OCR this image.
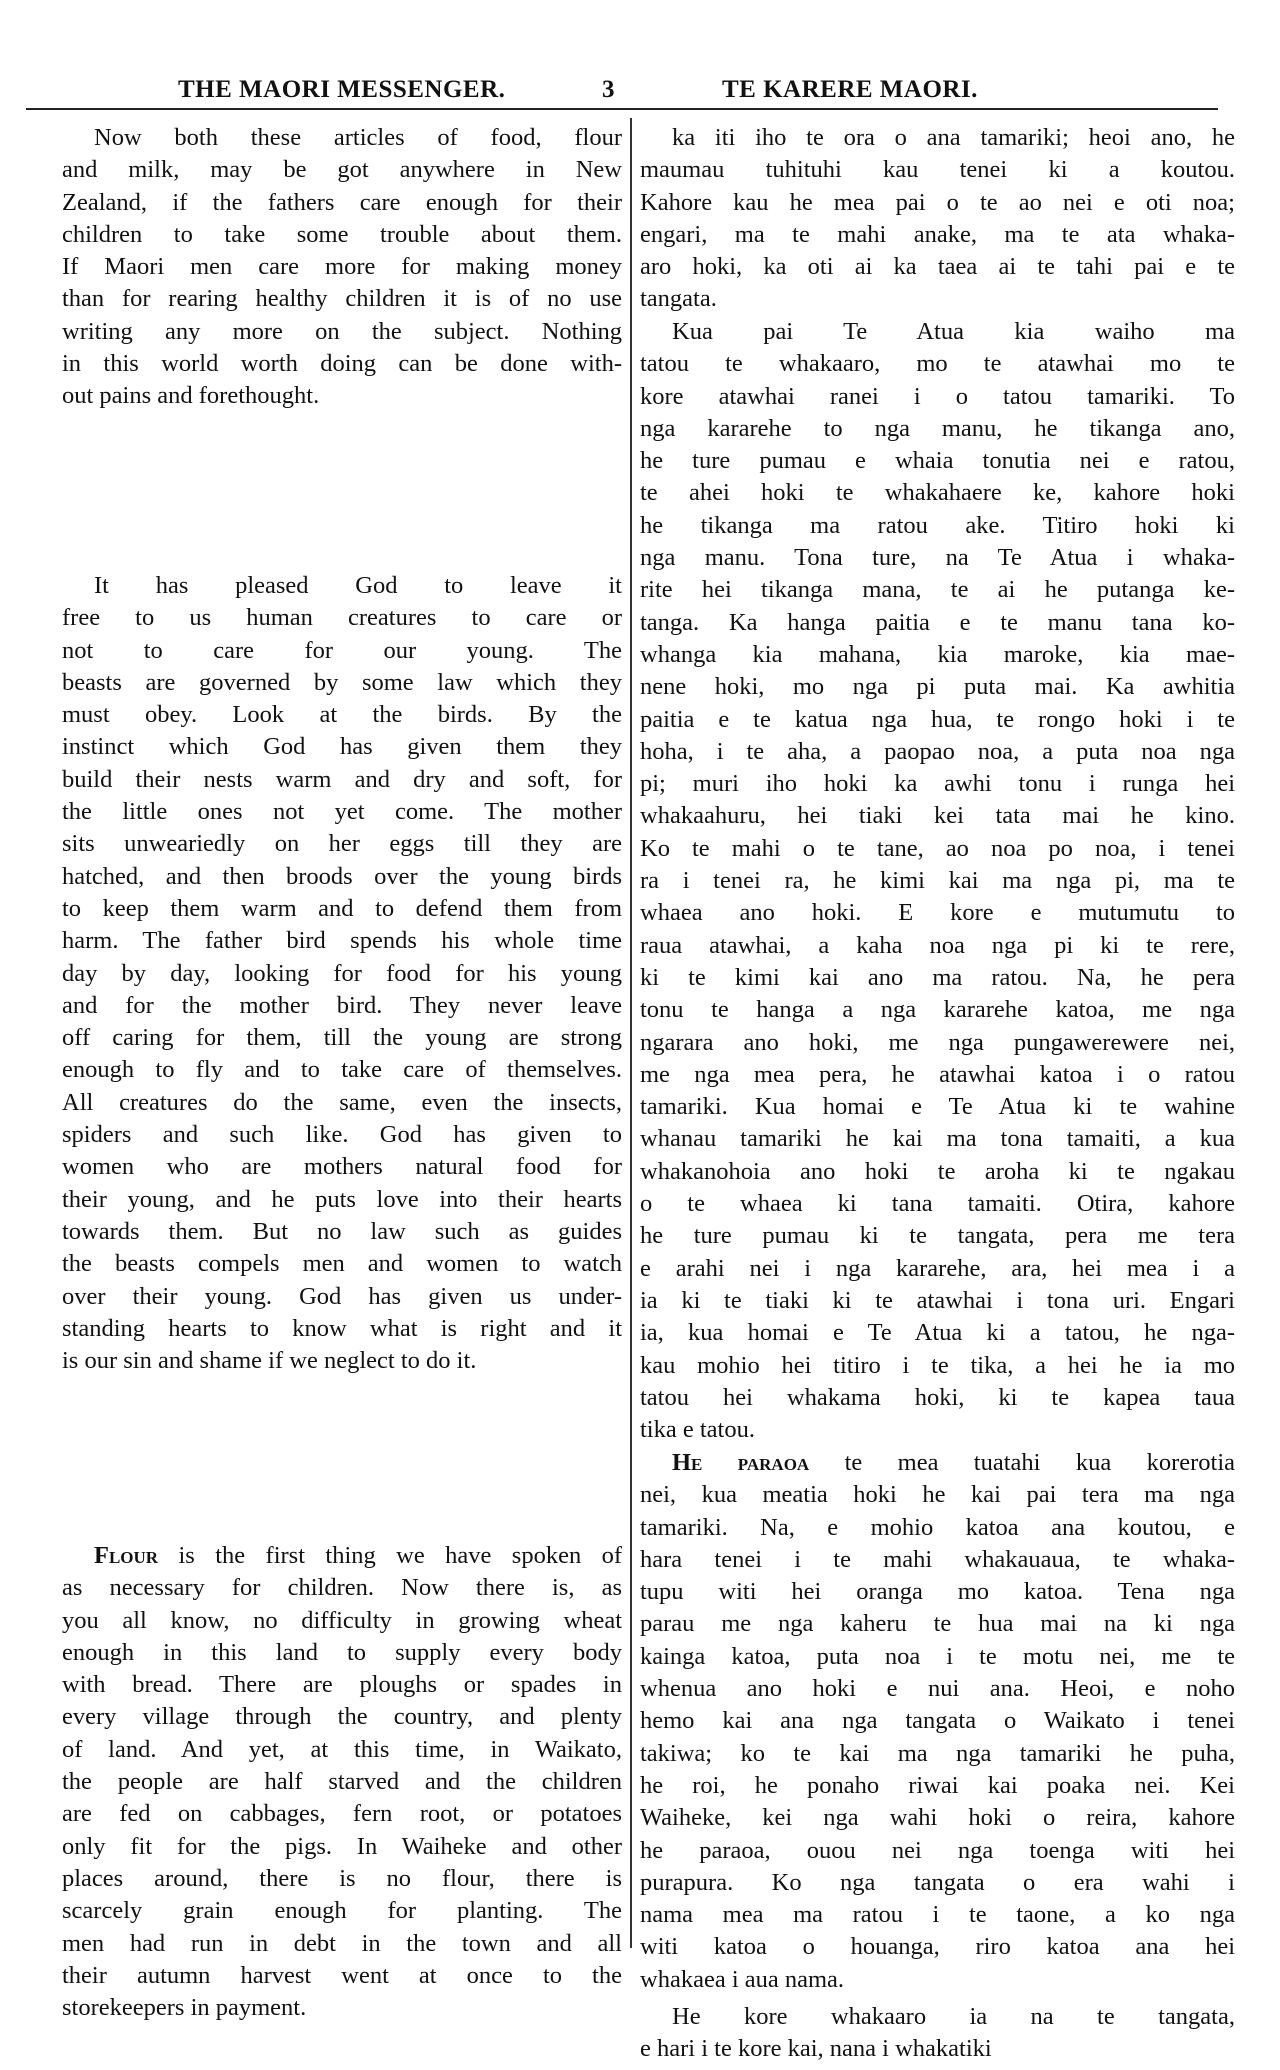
THE MAORI MESSENGER.	3	TE KARERE MAORI.
Now both these articles of food, flour
and milk, may be got anywhere in New
Zealand, if the fathers care enough for their
children to take some trouble about them.
If Maori men care more for making money
than for rearing healthy children it is of no use
writing any more on the subject. Nothing
in this world worth doing can be done with-
out pains and forethought.
It has pleased God to leave it
free to us human creatures to care or
not to care for our young. The
beasts are governed by some law which they
must obey. Look at the birds. By the
instinct which God has given them they
build their nests warm and dry and soft, for
the little ones not yet come. The mother
sits unweariedly on her eggs till they are
hatched, and then broods over the young birds
to keep them warm and to defend them from
harm. The father bird spends his whole time
day by day, looking for food for his young
and for the mother bird. They never leave
off caring for them, till the young are strong
enough to fly and to take care of themselves.
All creatures do the same, even the insects,
spiders and such like. God has given to
women who are mothers natural food for
their young, and he puts love into their hearts
towards them. But no law such as guides
the beasts compels men and women to watch
over their young. God has given us under-
standing hearts to know what is right and it
is our sin and shame if we neglect to do it.
Flour is the first thing we have spoken of
as necessary for children. Now there is, as
you all know, no difficulty in growing wheat
enough in this land to supply every body
with bread. There are ploughs or spades in
every village through the country, and plenty
of land. And yet, at this time, in Waikato,
the people are half starved and the children
are fed on cabbages, fern root, or potatoes
only fit for the pigs. In Waiheke and other
places around, there is no flour, there is
scarcely grain enough for planting. The
men had run in debt in the town and all
their autumn harvest went at once to the
storekeepers in payment.
ka iti iho te ora o ana tamariki; heoi ano, he
maumau tuhituhi kau tenei ki a koutou.
Kahore kau he mea pai o te ao nei e oti noa;
engari, ma te mahi anake, ma te ata whaka-
aro hoki, ka oti ai ka taea ai te tahi pai e te
tangata.
Kua pai Te Atua kia waiho ma
tatou te whakaaro, mo te atawhai mo te
kore atawhai ranei i o tatou tamariki. To
nga kararehe to nga manu, he tikanga ano,
he ture pumau e whaia tonutia nei e ratou,
te ahei hoki te whakahaere ke, kahore hoki
he tikanga ma ratou ake. Titiro hoki ki
nga manu. Tona ture, na Te Atua i whaka-
rite hei tikanga mana, te ai he putanga ke-
tanga. Ka hanga paitia e te manu tana ko-
whanga kia mahana, kia maroke, kia mae-
nene hoki, mo nga pi puta mai. Ka awhitia
paitia e te katua nga hua, te rongo hoki i te
hoha, i te aha, a paopao noa, a puta noa nga
pi; muri iho hoki ka awhi tonu i runga hei
whakaahuru, hei tiaki kei tata mai he kino.
Ko te mahi o te tane, ao noa po noa, i tenei
ra i tenei ra, he kimi kai ma nga pi, ma te
whaea ano hoki. E kore e mutumutu to
raua atawhai, a kaha noa nga pi ki te rere,
ki te kimi kai ano ma ratou. Na, he pera
tonu te hanga a nga kararehe katoa, me nga
ngarara ano hoki, me nga pungawerewere nei,
me nga mea pera, he atawhai katoa i o ratou
tamariki. Kua homai e Te Atua ki te wahine
whanau tamariki he kai ma tona tamaiti, a kua
whakanohoia ano hoki te aroha ki te ngakau
o te whaea ki tana tamaiti. Otira, kahore
he ture pumau ki te tangata, pera me tera
e arahi nei i nga kararehe, ara, hei mea i a
ia ki te tiaki ki te atawhai i tona uri. Engari
ia, kua homai e Te Atua ki a tatou, he nga-
kau mohio hei titiro i te tika, a hei he ia mo
tatou hei whakama hoki, ki te kapea taua
tika e tatou.
He paraoa te mea tuatahi kua korerotia
nei, kua meatia hoki he kai pai tera ma nga
tamariki. Na, e mohio katoa ana koutou, e
hara tenei i te mahi whakauaua, te whaka-
tupu witi hei oranga mo katoa. Tena nga
parau me nga kaheru te hua mai na ki nga
kainga katoa, puta noa i te motu nei, me te
whenua ano hoki e nui ana. Heoi, e noho
hemo kai ana nga tangata o Waikato i tenei
takiwa; ko te kai ma nga tamariki he puha,
he roi, he ponaho riwai kai poaka nei. Kei
Waiheke, kei nga wahi hoki o reira, kahore
he paraoa, ouou nei nga toenga witi hei
purapura. Ko nga tangata o era wahi i
nama mea ma ratou i te taone, a ko nga
witi katoa o houanga, riro katoa ana hei
whakaea i aua nama.
He kore whakaaro ia na te tangata,
e hari i te kore kai, nana i whakatiki
